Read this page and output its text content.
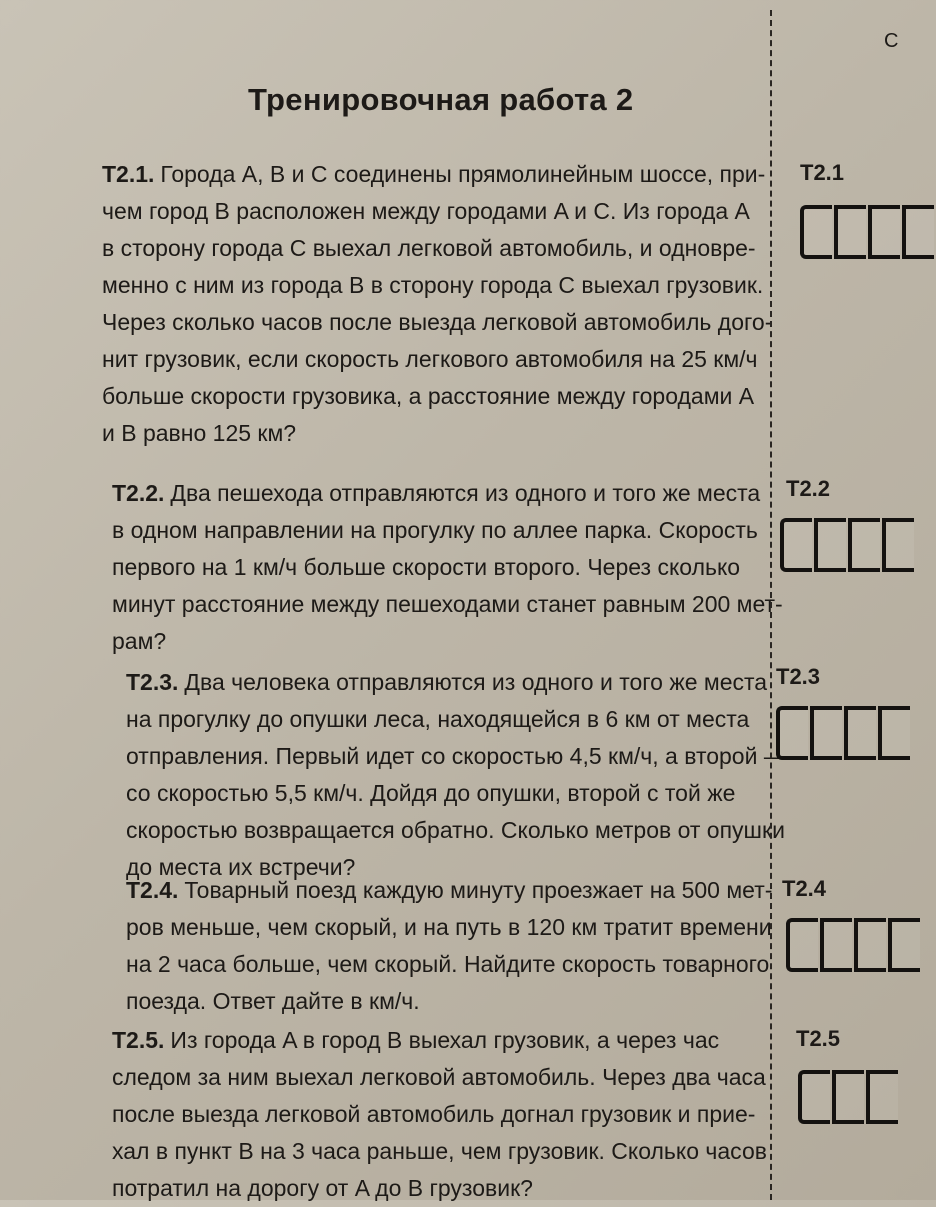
Тренировочная работа 2

Т2.1. Города A, B и C соединены прямолинейным шоссе, при-

чем город B расположен между городами A и C. Из города A

в сторону города C выехал легковой автомобиль, и одновре-

менно с ним из города B в сторону города C выехал грузовик.

Через сколько часов после выезда легковой автомобиль дого-

нит грузовик, если скорость легкового автомобиля на 25 км/ч

больше скорости грузовика, а расстояние между городами A

и B равно 125 км?

Т2.2. Два пешехода отправляются из одного и того же места

в одном направлении на прогулку по аллее парка. Скорость

первого на 1 км/ч больше скорости второго. Через сколько

минут расстояние между пешеходами станет равным 200 мет-

рам?

Т2.3. Два человека отправляются из одного и того же места

на прогулку до опушки леса, находящейся в 6 км от места

отправления. Первый идет со скоростью 4,5 км/ч, а второй —

со скоростью 5,5 км/ч. Дойдя до опушки, второй с той же

скоростью возвращается обратно. Сколько метров от опушки

до места их встречи?

Т2.4. Товарный поезд каждую минуту проезжает на 500 мет-

ров меньше, чем скорый, и на путь в 120 км тратит времени

на 2 часа больше, чем скорый. Найдите скорость товарного

поезда. Ответ дайте в км/ч.

Т2.5. Из города A в город B выехал грузовик, а через час

следом за ним выехал легковой автомобиль. Через два часа

после выезда легковой автомобиль догнал грузовик и прие-

хал в пункт B на 3 часа раньше, чем грузовик. Сколько часов

потратил на дорогу от A до B грузовик?

Т2.1
Т2.2
Т2.3
Т2.4
Т2.5
С
